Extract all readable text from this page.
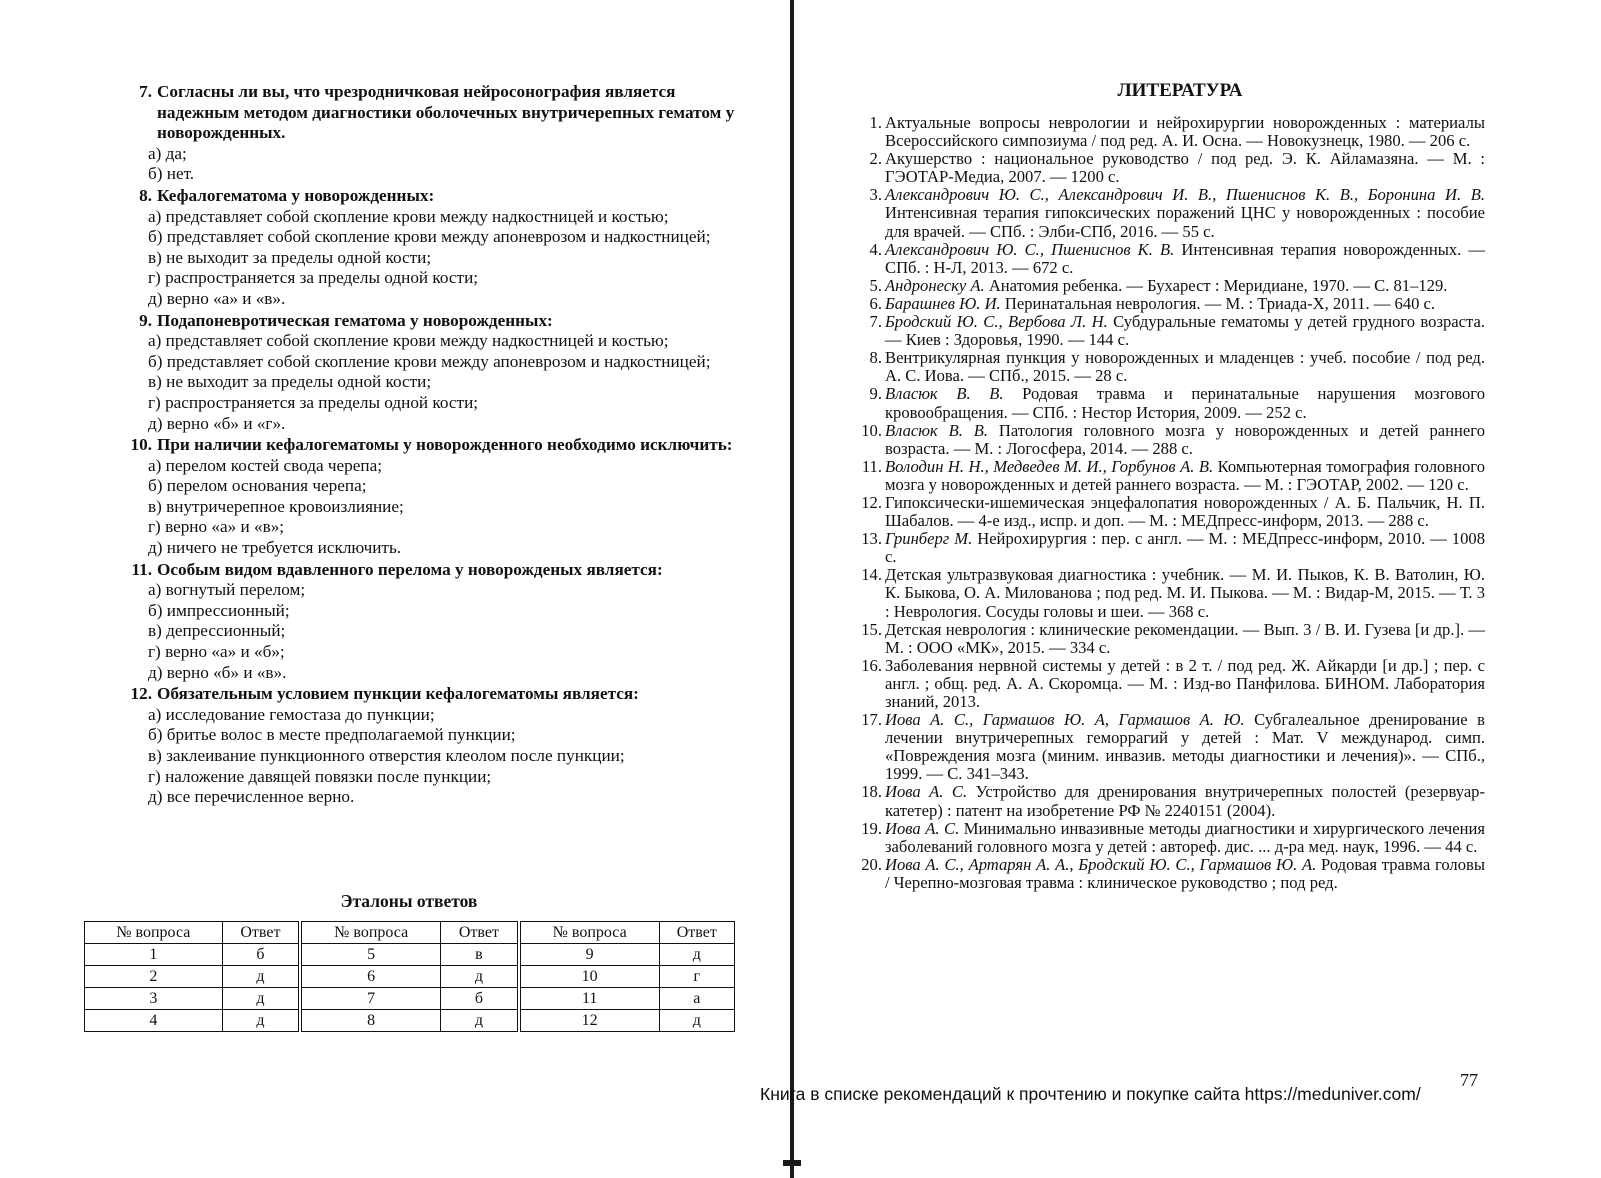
7. Согласны ли вы, что чрезродничковая нейросонография является надежным методом диагностики оболочечных внутричерепных гематом у новорожденных.
а) да;
б) нет.
8. Кефалогематома у новорожденных:
а) представляет собой скопление крови между надкостницей и костью;
б) представляет собой скопление крови между апоневрозом и надкостницей;
в) не выходит за пределы одной кости;
г) распространяется за пределы одной кости;
д) верно «а» и «в».
9. Подапоневротическая гематома у новорожденных:
а) представляет собой скопление крови между надкостницей и костью;
б) представляет собой скопление крови между апоневрозом и надкостницей;
в) не выходит за пределы одной кости;
г) распространяется за пределы одной кости;
д) верно «б» и «г».
10. При наличии кефалогематомы у новорожденного необходимо исключить:
а) перелом костей свода черепа;
б) перелом основания черепа;
в) внутричерепное кровоизлияние;
г) верно «а» и «в»;
д) ничего не требуется исключить.
11. Особым видом вдавленного перелома у новорожденых является:
а) вогнутый перелом;
б) импрессионный;
в) депрессионный;
г) верно «а» и «б»;
д) верно «б» и «в».
12. Обязательным условием пункции кефалогематомы является:
а) исследование гемостаза до пункции;
б) бритье волос в месте предполагаемой пункции;
в) заклеивание пункционного отверстия клеолом после пункции;
г) наложение давящей повязки после пункции;
д) все перечисленное верно.
Эталоны ответов
№ вопроса	Ответ	№ вопроса	Ответ	№ вопроса	Ответ
1	б	5	в	9	д
2	д	6	д	10	г
3	д	7	б	11	а
4	д	8	д	12	д
ЛИТЕРАТУРА
1. Актуальные вопросы неврологии и нейрохирургии новорожденных : материалы Всероссийского симпозиума / под ред. А. И. Осна. — Новокузнецк, 1980. — 206 с.
2. Акушерство : национальное руководство / под ред. Э. К. Айламазяна. — М. : ГЭОТАР-Медиа, 2007. — 1200 с.
3. Александрович Ю. С., Александрович И. В., Пшениснов К. В., Боронина И. В. Интенсивная терапия гипоксических поражений ЦНС у новорожденных : пособие для врачей. — СПб. : Элби-СПб, 2016. — 55 с.
4. Александрович Ю. С., Пшениснов К. В. Интенсивная терапия новорожденных. — СПб. : Н-Л, 2013. — 672 с.
5. Андронеску А. Анатомия ребенка. — Бухарест : Меридиане, 1970. — С. 81–129.
6. Барашнев Ю. И. Перинатальная неврология. — М. : Триада-Х, 2011. — 640 с.
7. Бродский Ю. С., Вербова Л. Н. Субдуральные гематомы у детей грудного возраста. — Киев : Здоровья, 1990. — 144 с.
8. Вентрикулярная пункция у новорожденных и младенцев : учеб. пособие / под ред. А. С. Иова. — СПб., 2015. — 28 с.
9. Власюк В. В. Родовая травма и перинатальные нарушения мозгового кровообращения. — СПб. : Нестор История, 2009. — 252 с.
10. Власюк В. В. Патология головного мозга у новорожденных и детей раннего возраста. — М. : Логосфера, 2014. — 288 с.
11. Володин Н. Н., Медведев М. И., Горбунов А. В. Компьютерная томография головного мозга у новорожденных и детей раннего возраста. — М. : ГЭОТАР, 2002. — 120 с.
12. Гипоксически-ишемическая энцефалопатия новорожденных / А. Б. Пальчик, Н. П. Шабалов. — 4-е изд., испр. и доп. — М. : МЕДпресс-информ, 2013. — 288 с.
13. Гринберг М. Нейрохирургия : пер. с англ. — М. : МЕДпресс-информ, 2010. — 1008 с.
14. Детская ультразвуковая диагностика : учебник. — М. И. Пыков, К. В. Ватолин, Ю. К. Быкова, О. А. Милованова ; под ред. М. И. Пыкова. — М. : Видар-М, 2015. — Т. 3 : Неврология. Сосуды головы и шеи. — 368 с.
15. Детская неврология : клинические рекомендации. — Вып. 3 / В. И. Гузева [и др.]. — М. : ООО «МК», 2015. — 334 с.
16. Заболевания нервной системы у детей : в 2 т. / под ред. Ж. Айкарди [и др.] ; пер. с англ. ; общ. ред. А. А. Скоромца. — М. : Изд-во Панфилова. БИНОМ. Лаборатория знаний, 2013.
17. Иова А. С., Гармашов Ю. А, Гармашов А. Ю. Субгалеальное дренирование в лечении внутричерепных геморрагий у детей : Мат. V международ. симп. «Повреждения мозга (миним. инвазив. методы диагностики и лечения)». — СПб., 1999. — С. 341–343.
18. Иова А. С. Устройство для дренирования внутричерепных полостей (резервуар-катетер) : патент на изобретение РФ № 2240151 (2004).
19. Иова А. С. Минимально инвазивные методы диагностики и хирургического лечения заболеваний головного мозга у детей : автореф. дис. ... д-ра мед. наук, 1996. — 44 с.
20. Иова А. С., Артарян А. А., Бродский Ю. С., Гармашов Ю. А. Родовая травма головы / Черепно-мозговая травма : клиническое руководство ; под ред.
77
Книга в списке рекомендаций к прочтению и покупке сайта https://meduniver.com/
